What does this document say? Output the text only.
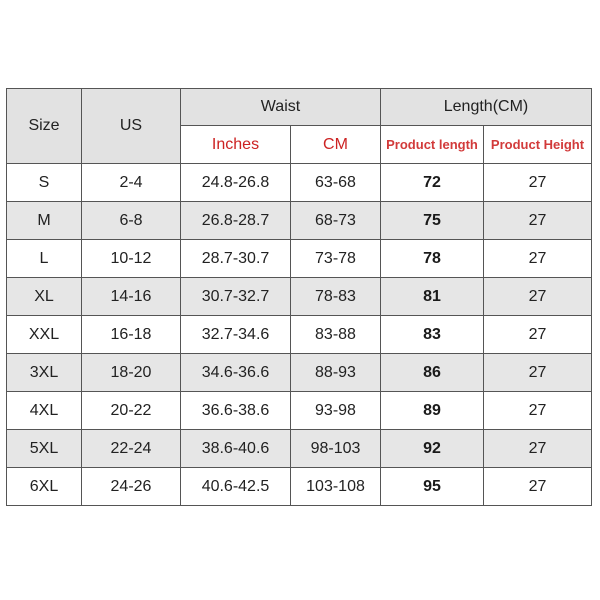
Size	US	Waist		Length(CM)	
		Inches	CM	Product length	Product Height
S	2-4	24.8-26.8	63-68	72	27
M	6-8	26.8-28.7	68-73	75	27
L	10-12	28.7-30.7	73-78	78	27
XL	14-16	30.7-32.7	78-83	81	27
XXL	16-18	32.7-34.6	83-88	83	27
3XL	18-20	34.6-36.6	88-93	86	27
4XL	20-22	36.6-38.6	93-98	89	27
5XL	22-24	38.6-40.6	98-103	92	27
6XL	24-26	40.6-42.5	103-108	95	27
